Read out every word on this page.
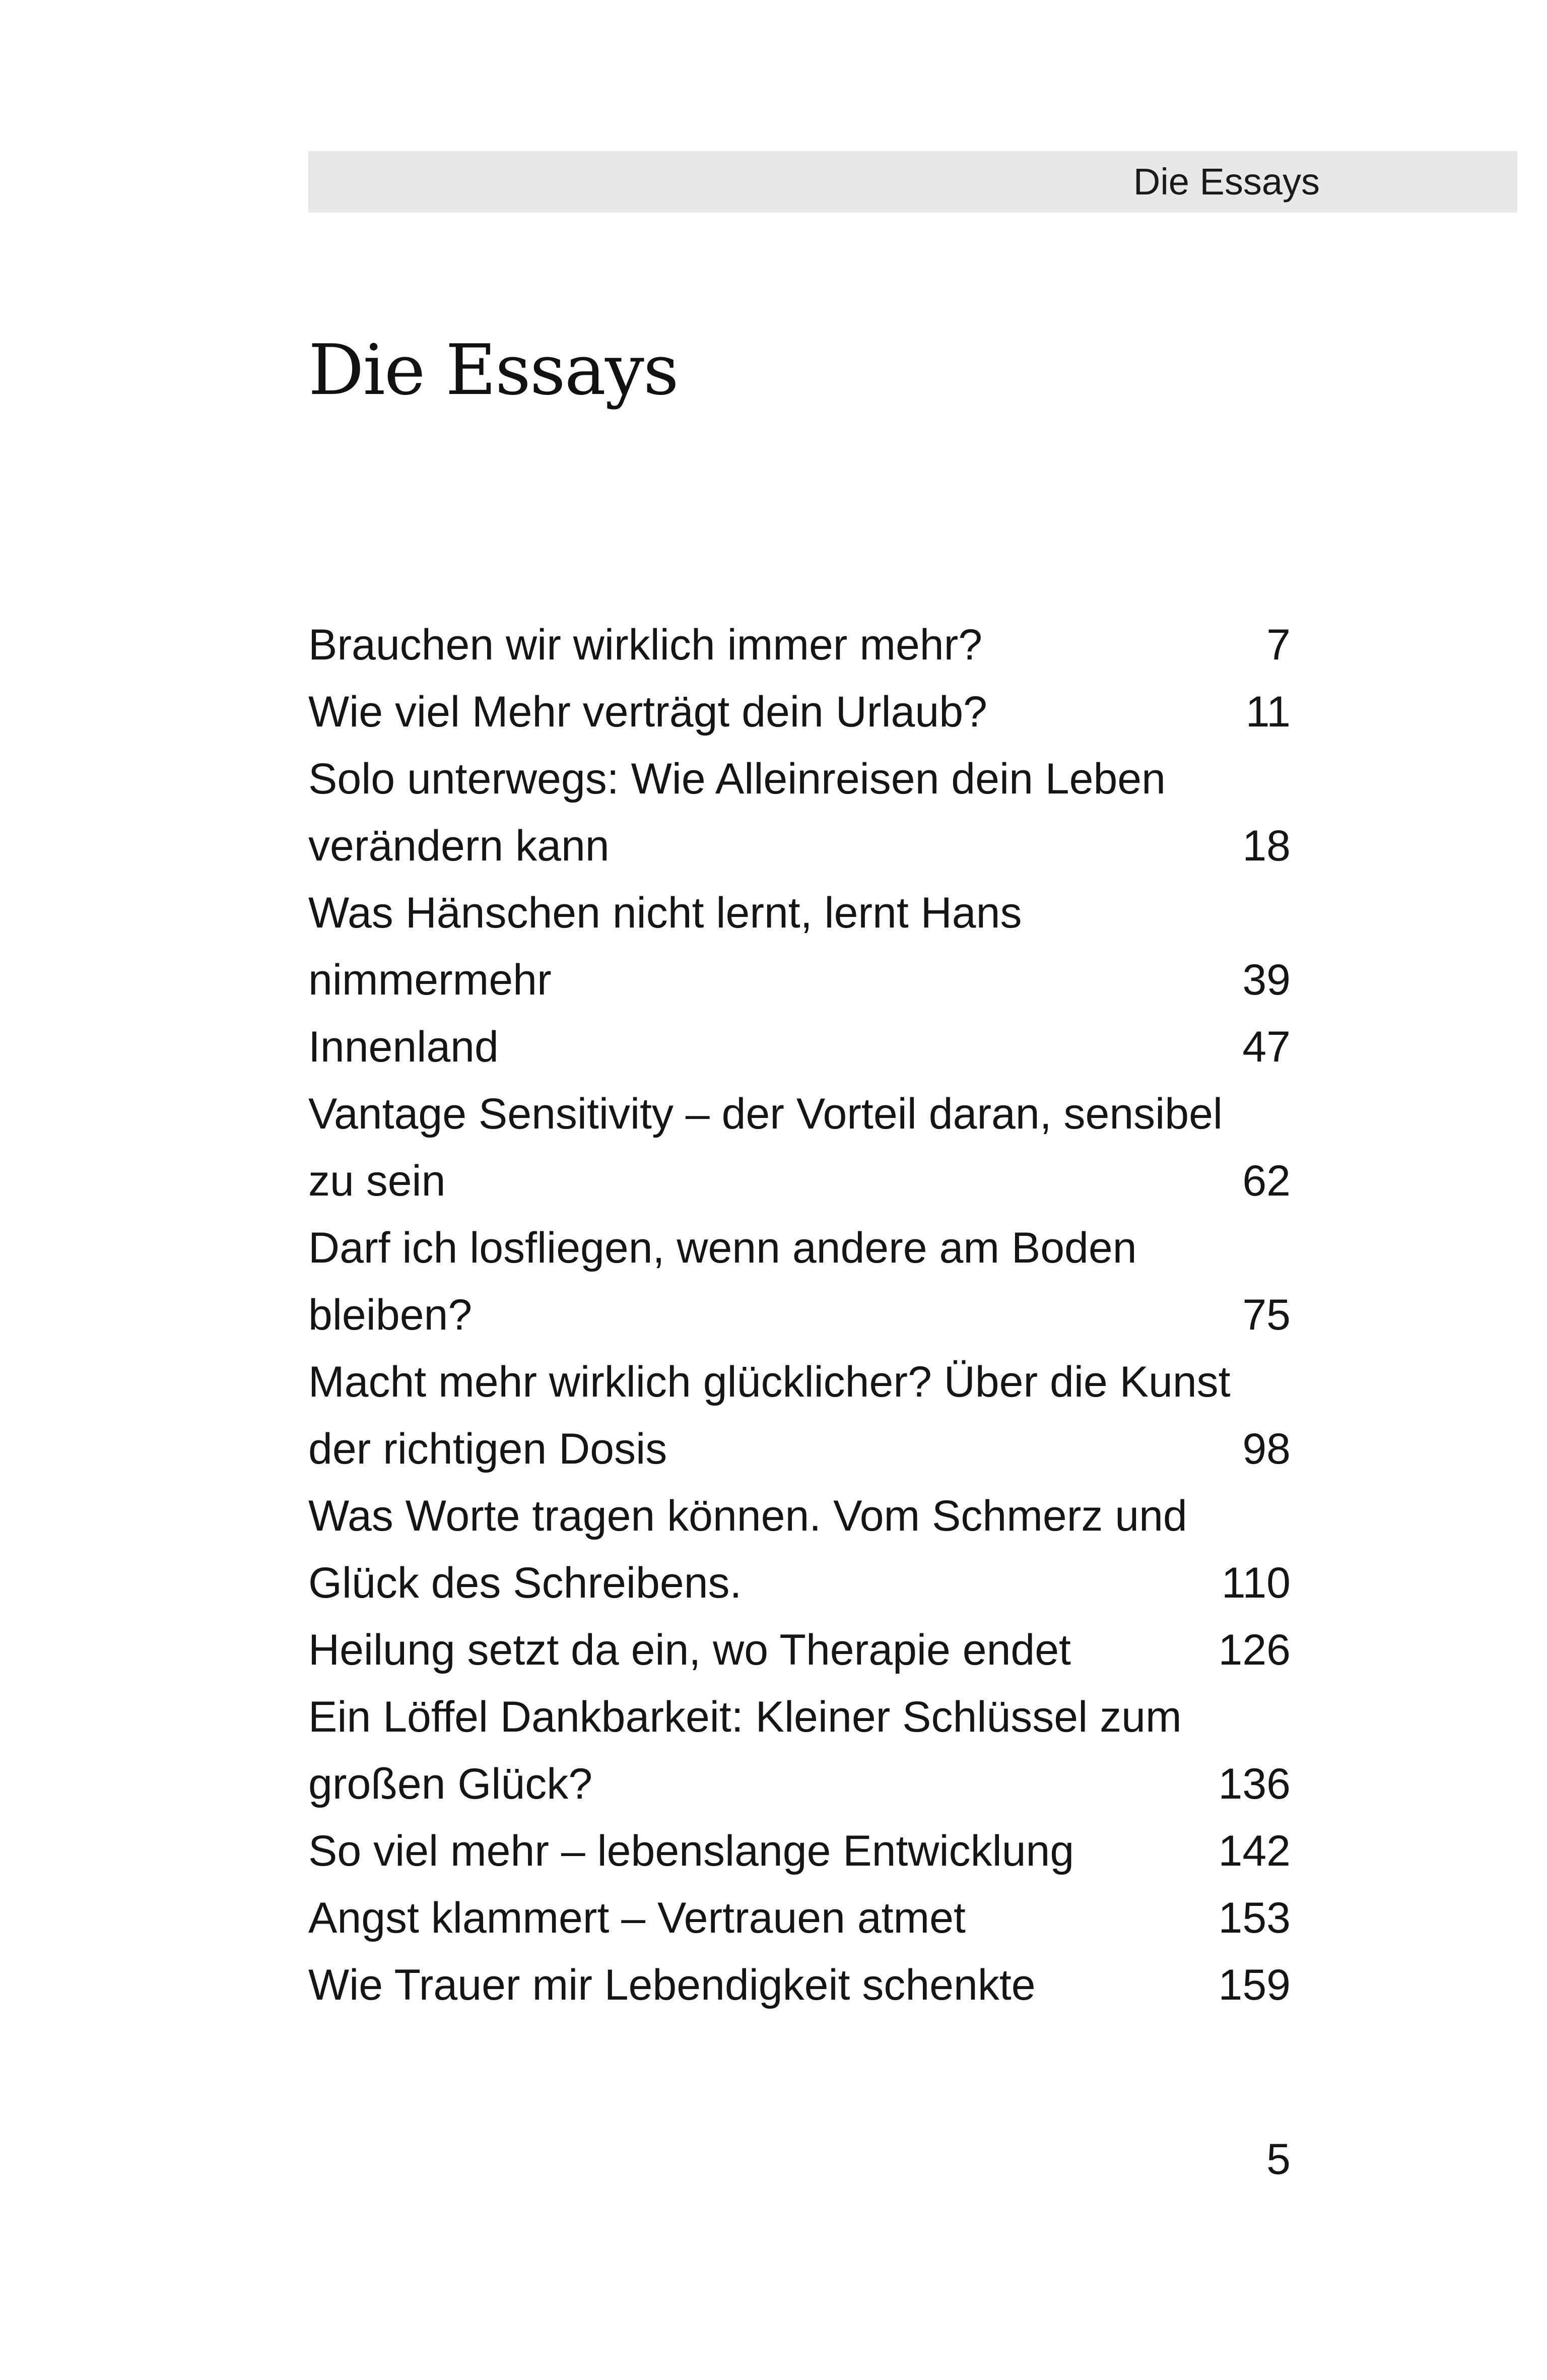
Die Essays
Die Essays
Brauchen wir wirklich immer mehr?	7
Wie viel Mehr verträgt dein Urlaub?	11
Solo unterwegs: Wie Alleinreisen dein Leben
verändern kann	18
Was Hänschen nicht lernt, lernt Hans
nimmermehr	39
Innenland	47
Vantage Sensitivity – der Vorteil daran, sensibel
zu sein	62
Darf ich losfliegen, wenn andere am Boden
bleiben?	75
Macht mehr wirklich glücklicher? Über die Kunst
der richtigen Dosis	98
Was Worte tragen können. Vom Schmerz und
Glück des Schreibens.	110
Heilung setzt da ein, wo Therapie endet	126
Ein Löffel Dankbarkeit: Kleiner Schlüssel zum
großen Glück?	136
So viel mehr – lebenslange Entwicklung	142
Angst klammert – Vertrauen atmet	153
Wie Trauer mir Lebendigkeit schenkte	159
5
